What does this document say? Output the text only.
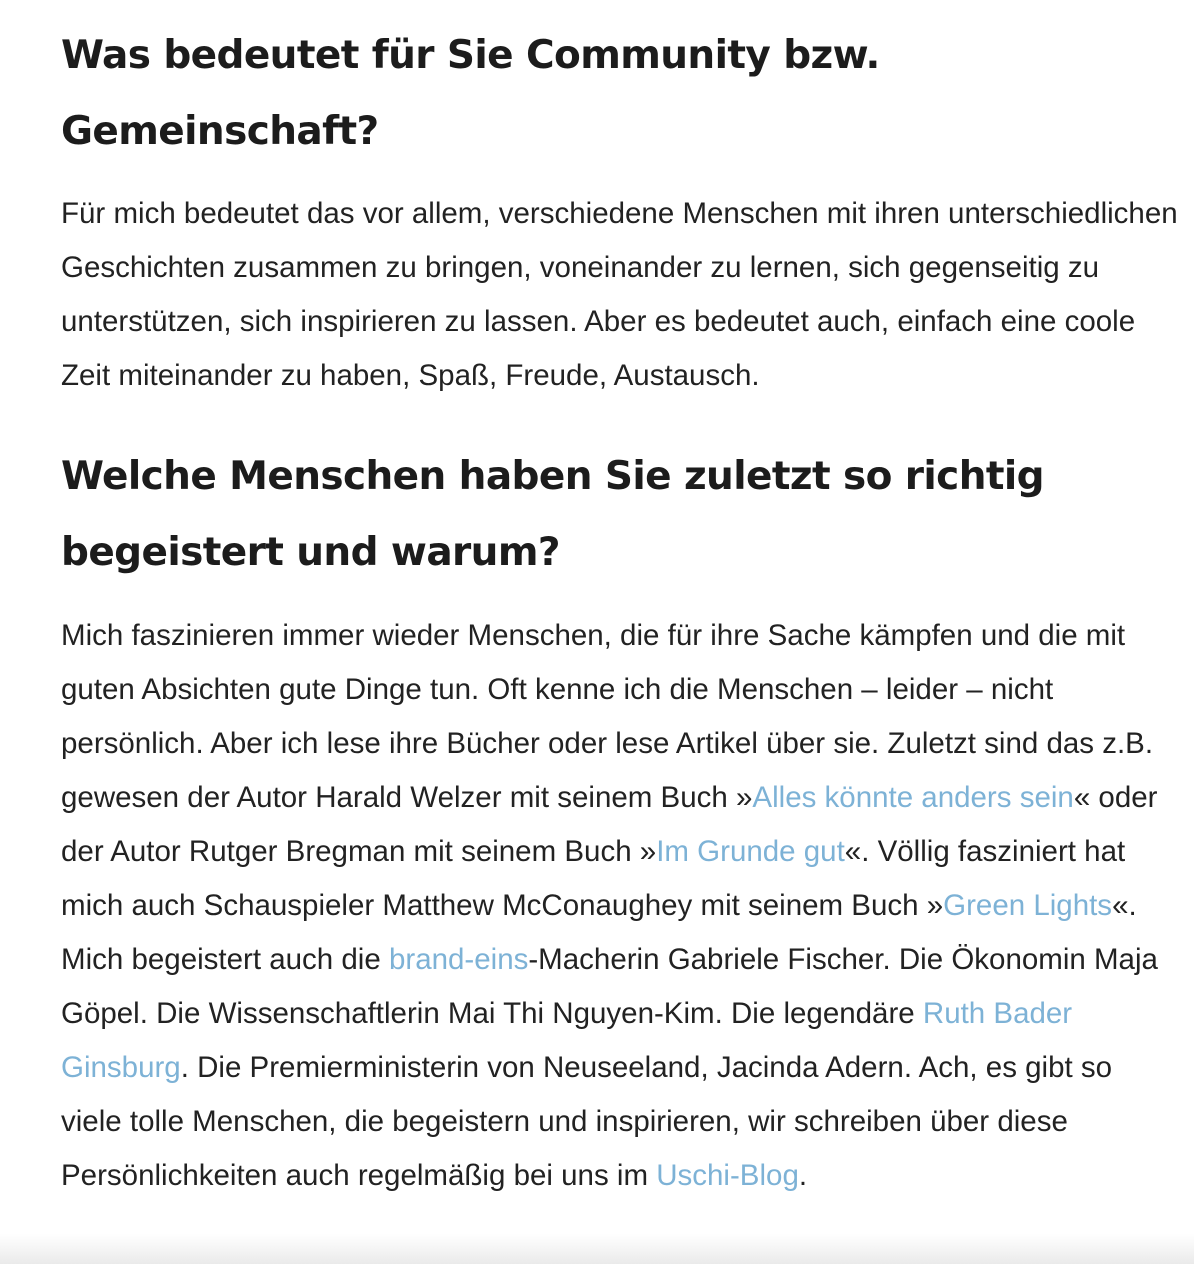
Was bedeutet für Sie Community bzw. Gemeinschaft?

Für mich bedeutet das vor allem, verschiedene Menschen mit ihren unterschiedlichen Geschichten zusammen zu bringen, voneinander zu lernen, sich gegenseitig zu unterstützen, sich inspirieren zu lassen. Aber es bedeutet auch, einfach eine coole Zeit miteinander zu haben, Spaß, Freude, Austausch.

Welche Menschen haben Sie zuletzt so richtig begeistert und warum?

Mich faszinieren immer wieder Menschen, die für ihre Sache kämpfen und die mit guten Absichten gute Dinge tun. Oft kenne ich die Menschen – leider – nicht persönlich. Aber ich lese ihre Bücher oder lese Artikel über sie. Zuletzt sind das z.B. gewesen der Autor Harald Welzer mit seinem Buch »Alles könnte anders sein« oder der Autor Rutger Bregman mit seinem Buch »Im Grunde gut«. Völlig fasziniert hat mich auch Schauspieler Matthew McConaughey mit seinem Buch »Green Lights«. Mich begeistert auch die brand-eins-Macherin Gabriele Fischer. Die Ökonomin Maja Göpel. Die Wissenschaftlerin Mai Thi Nguyen-Kim. Die legendäre Ruth Bader Ginsburg. Die Premierministerin von Neuseeland, Jacinda Adern. Ach, es gibt so viele tolle Menschen, die begeistern und inspirieren, wir schreiben über diese Persönlichkeiten auch regelmäßig bei uns im Uschi-Blog.
